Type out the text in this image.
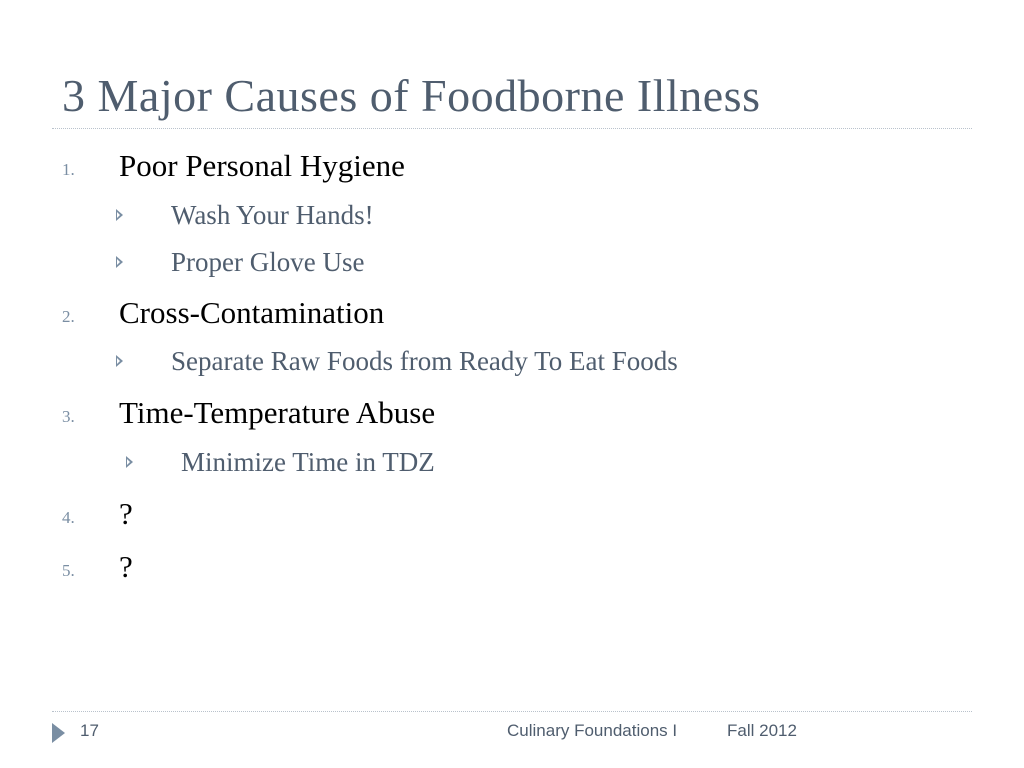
3 Major Causes of Foodborne Illness
1. Poor Personal Hygiene
Wash Your Hands!
Proper Glove Use
2. Cross-Contamination
Separate Raw Foods from Ready To Eat Foods
3. Time-Temperature Abuse
Minimize Time in TDZ
4. ?
5. ?
17	Culinary Foundations I	Fall 2012
